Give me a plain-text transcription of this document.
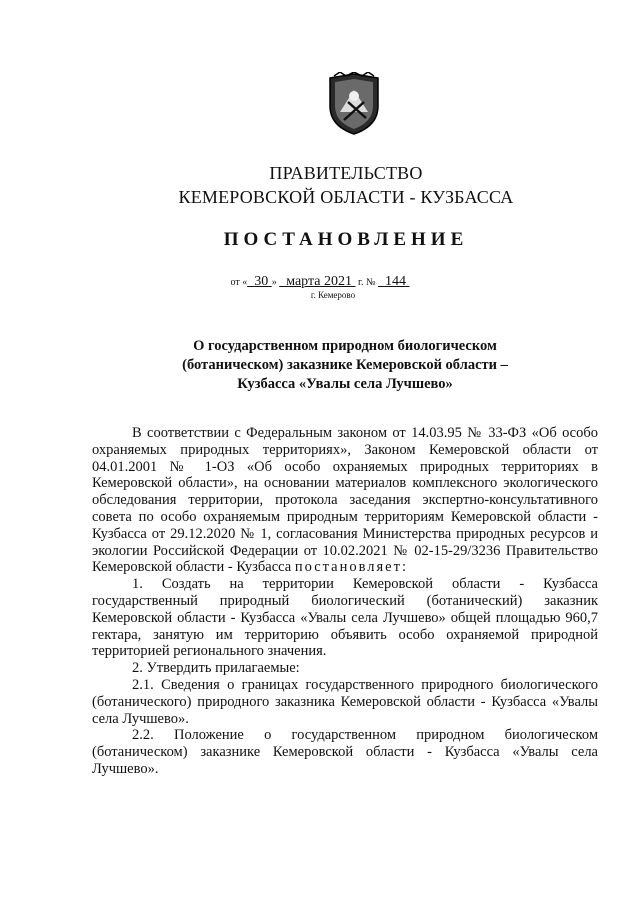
ПРАВИТЕЛЬСТВО
КЕМЕРОВСКОЙ ОБЛАСТИ - КУЗБАССА
ПОСТАНОВЛЕНИЕ
от « 30 » марта 2021 г. № 144
г. Кемерово
О государственном природном биологическом
(ботаническом) заказнике Кемеровской области –
Кузбасса «Увалы села Лучшево»

В соответствии с Федеральным законом от 14.03.95 № 33-ФЗ «Об особо охраняемых природных территориях», Законом Кемеровской области от 04.01.2001 № 1-ОЗ «Об особо охраняемых природных территориях в Кемеровской области», на основании материалов комплексного экологического обследования территории, протокола заседания экспертно-консультативного совета по особо охраняемым природным территориям Кемеровской области - Кузбасса от 29.12.2020 № 1, согласования Министерства природных ресурсов и экологии Российской Федерации от 10.02.2021 № 02-15-29/3236 Правительство Кемеровской области - Кузбасса постановляет:

1. Создать на территории Кемеровской области - Кузбасса государственный природный биологический (ботанический) заказник Кемеровской области - Кузбасса «Увалы села Лучшево» общей площадью 960,7 гектара, занятую им территорию объявить особо охраняемой природной территорией регионального значения.

2. Утвердить прилагаемые:

2.1. Сведения о границах государственного природного биологического (ботанического) природного заказника Кемеровской области - Кузбасса «Увалы села Лучшево».

2.2. Положение о государственном природном биологическом (ботаническом) заказнике Кемеровской области - Кузбасса «Увалы села Лучшево».
